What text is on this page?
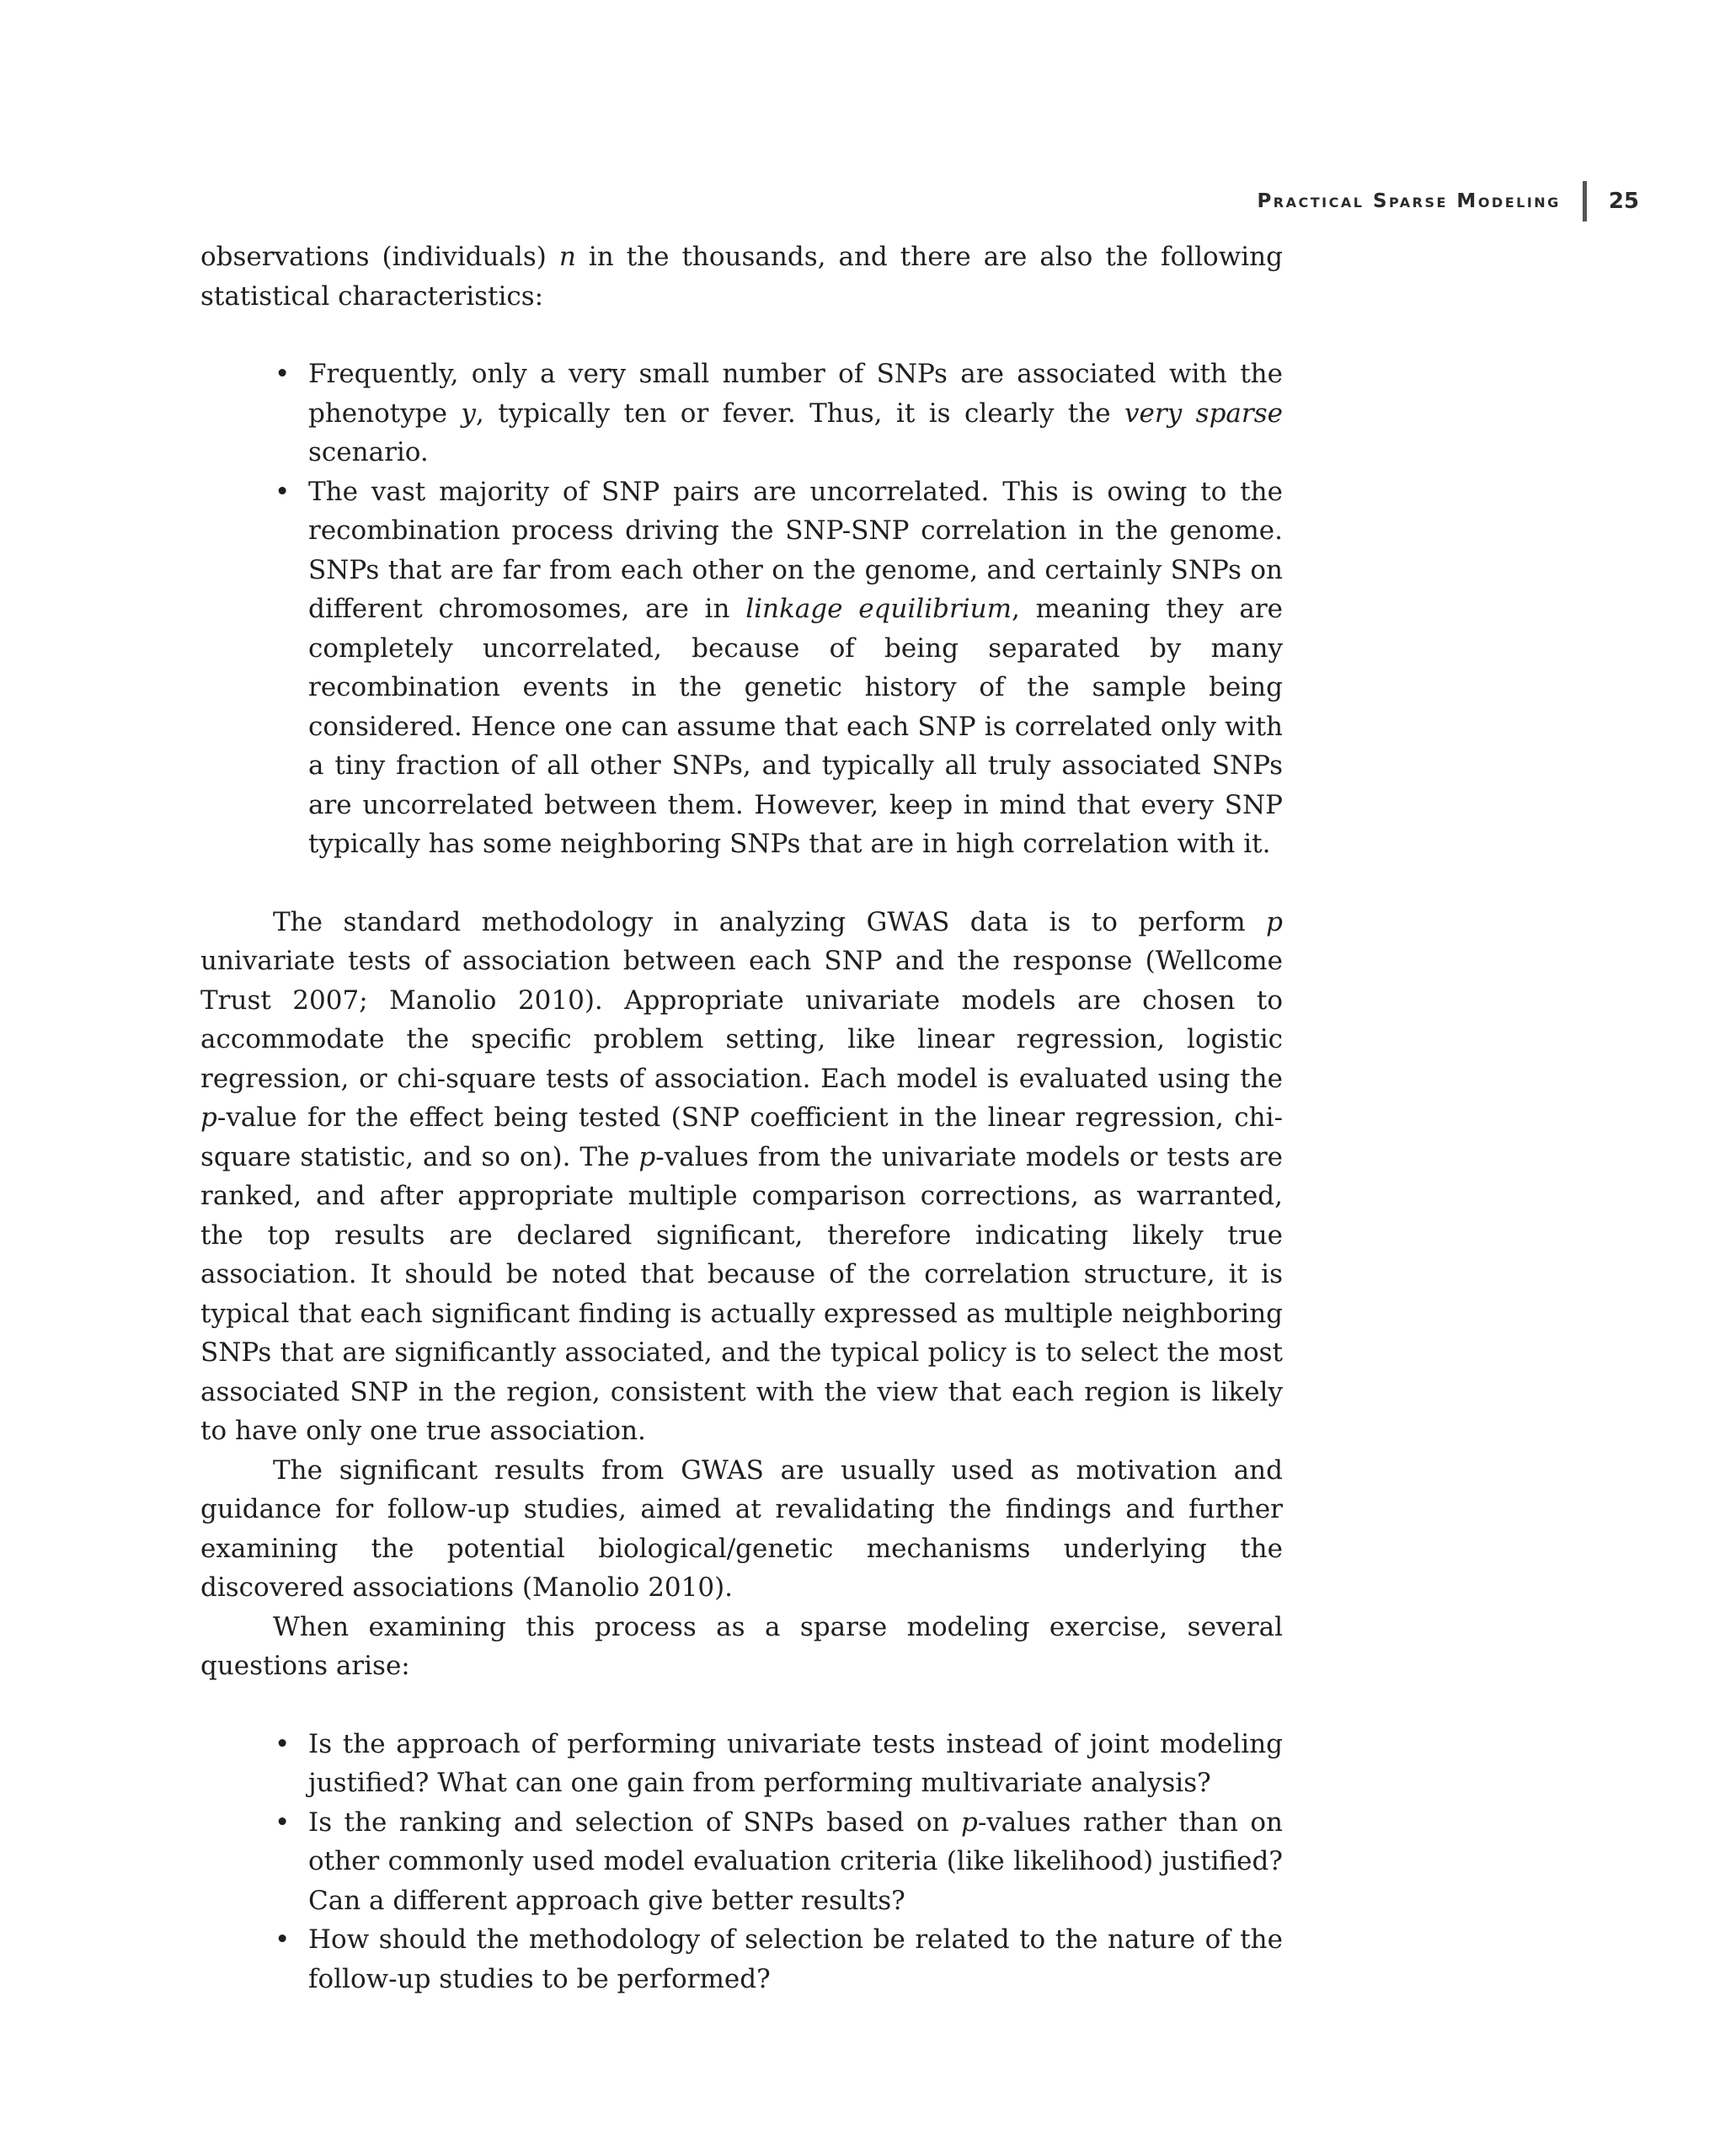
Practical Sparse Modeling 25

observations (individuals) n in the thousands, and there are also the following statistical characteristics:

• Frequently, only a very small number of SNPs are associated with the phenotype y, typically ten or fever. Thus, it is clearly the very sparse scenario.
• The vast majority of SNP pairs are uncorrelated. This is owing to the recombination process driving the SNP-SNP correlation in the genome. SNPs that are far from each other on the genome, and certainly SNPs on different chromosomes, are in linkage equilibrium, meaning they are completely uncorrelated, because of being separated by many recombination events in the genetic history of the sample being considered. Hence one can assume that each SNP is correlated only with a tiny fraction of all other SNPs, and typically all truly associated SNPs are uncorrelated between them. However, keep in mind that every SNP typically has some neighboring SNPs that are in high correlation with it.

The standard methodology in analyzing GWAS data is to perform p univariate tests of association between each SNP and the response (Wellcome Trust 2007; Manolio 2010). Appropriate univariate models are chosen to accommodate the specific problem setting, like linear regression, logistic regression, or chi-square tests of association. Each model is evaluated using the p-value for the effect being tested (SNP coefficient in the linear regression, chi-square statistic, and so on). The p-values from the univariate models or tests are ranked, and after appropriate multiple comparison corrections, as warranted, the top results are declared significant, therefore indicating likely true association. It should be noted that because of the correlation structure, it is typical that each significant finding is actually expressed as multiple neighboring SNPs that are significantly associated, and the typical policy is to select the most associated SNP in the region, consistent with the view that each region is likely to have only one true association.

The significant results from GWAS are usually used as motivation and guidance for follow-up studies, aimed at revalidating the findings and further examining the potential biological/genetic mechanisms underlying the discovered associations (Manolio 2010).

When examining this process as a sparse modeling exercise, several questions arise:

• Is the approach of performing univariate tests instead of joint modeling justified? What can one gain from performing multivariate analysis?
• Is the ranking and selection of SNPs based on p-values rather than on other commonly used model evaluation criteria (like likelihood) justified? Can a different approach give better results?
• How should the methodology of selection be related to the nature of the follow-up studies to be performed?
